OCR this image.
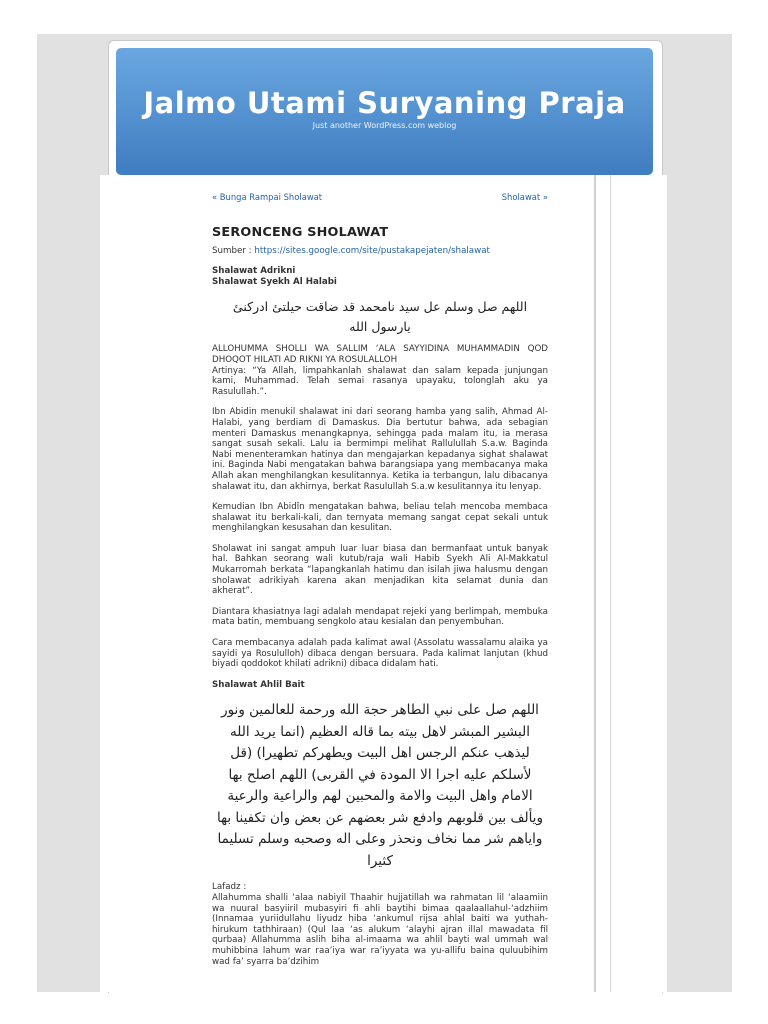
Jalmo Utami Suryaning Praja
Just another WordPress.com weblog
« Bunga Rampai Sholawat	Sholawat »
SERONCENG SHOLAWAT

Sumber : https://sites.google.com/site/pustakapejaten/shalawat

Shalawat Adrikni
Shalawat Syekh Al Halabi

اللهم صل وسلم عل سيد نامحمد قد ضاقت حيلتئ ادركنئ يارسول الله

ALLOHUMMA SHOLLI WA SALLIM ‘ALA SAYYIDINA MUHAMMADIN QOD DHOQOT HILATI AD RIKNI YA ROSULALLOH

Artinya: “Ya Allah, limpahkanlah shalawat dan salam kepada junjungan kami, Muhammad. Telah semai rasanya upayaku, tolonglah aku ya Rasulullah.”.

Ibn Abidin menukil shalawat ini dari seorang hamba yang salih, Ahmad Al-Halabi, yang berdiam di Damaskus. Dia bertutur bahwa, ada sebagian menteri Damaskus menangkapnya, sehingga pada malam itu, ia merasa sangat susah sekali. Lalu ia bermimpi melihat Rallulullah S.a.w. Baginda Nabi menenteramkan hatinya dan mengajarkan kepadanya sighat shalawat ini. Baginda Nabi mengatakan bahwa barangsiapa yang membacanya maka Allah akan menghilangkan kesulitannya. Ketika ia terbangun, lalu dibacanya shalawat itu, dan akhirnya, berkat Rasulullah S.a.w kesulitannya itu lenyap.

Kemudian Ibn Abidîn mengatakan bahwa, beliau telah mencoba membaca shalawat itu berkali-kali, dan ternyata memang sangat cepat sekali untuk menghilangkan kesusahan dan kesulitan.

Sholawat ini sangat ampuh luar luar biasa dan bermanfaat untuk banyak hal. Bahkan seorang wali kutub/raja wali Habib Syekh Ali Al-Makkatul Mukarromah berkata “lapangkanlah hatimu dan isilah jiwa halusmu dengan sholawat adrikiyah karena akan menjadikan kita selamat dunia dan akherat”.

Diantara khasiatnya lagi adalah mendapat rejeki yang berlimpah, membuka mata batin, membuang sengkolo atau kesialan dan penyembuhan.

Cara membacanya adalah pada kalimat awal (Assolatu wassalamu alaika ya sayidi ya Rosululloh) dibaca dengan bersuara. Pada kalimat lanjutan (khud biyadi qoddokot khilati adrikni) dibaca didalam hati.

Shalawat Ahlil Bait

اللهم صل على نبي الطاهر حجة الله ورحمة للعالمين ونور البشير المبشر لاهل بيته بما قاله العظيم (انما يريد الله ليذهب عنكم الرجس اهل البيت ويطهركم تطهيرا) (قل لأسلكم عليه اجرا الا المودة في القربى) اللهم اصلح بها الامام واهل البيت والامة والمحبين لهم والراعية والرعية ويألف بين قلوبهم وادفع شر بعضهم عن بعض وان تكفينا بها واياهم شر مما نخاف ونحذر وعلى اله وصحبه وسلم تسليما كثيرا

Lafadz :

Allahumma shalli ‘alaa nabiyil Thaahir hujjatillah wa rahmatan lil ‘alaamiin wa nuural basyiiril mubasyiri fi ahli baytihi bimaa qaalaallahul-‘adzhiim (Innamaa yuriidullahu liyudz hiba ‘ankumul rijsa ahlal baiti wa yuthah-hirukum tathhiraan) (Qul laa ‘as alukum ‘alayhi ajran illal mawadata fil qurbaa) Allahumma aslih biha al-imaama wa ahlil bayti wal ummah wal muhibbina lahum war raa’iya war ra’iyyata wa yu-allifu baina quluubihim wad fa’ syarra ba’dzihim
